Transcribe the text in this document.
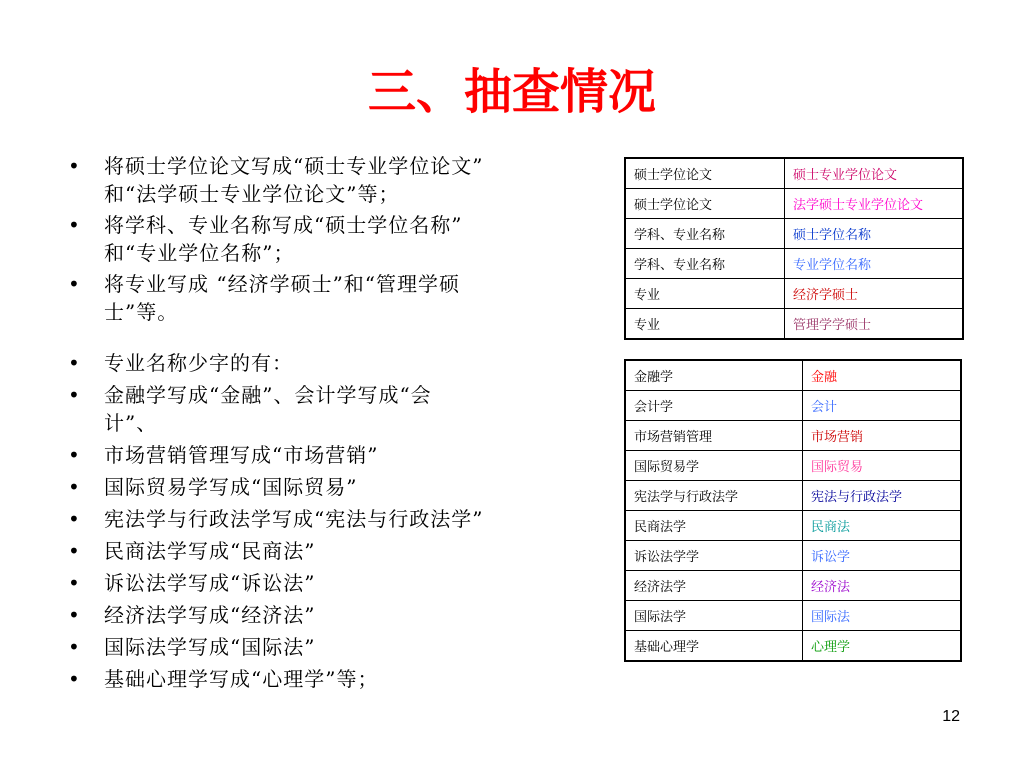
三、抽查情况
• 将硕士学位论文写成“硕士专业学位论文”
和“法学硕士专业学位论文”等；
• 将学科、专业名称写成“硕士学位名称”
和“专业学位名称”；
• 将专业写成 “经济学硕士”和“管理学硕
士”等。
• 专业名称少字的有：
• 金融学写成“金融”、会计学写成“会
计”、
• 市场营销管理写成“市场营销”
• 国际贸易学写成“国际贸易”
• 宪法学与行政法学写成“宪法与行政法学”
• 民商法学写成“民商法”
• 诉讼法学写成“诉讼法”
• 经济法学写成“经济法”
• 国际法学写成“国际法”
• 基础心理学写成“心理学”等；
硕士学位论文	硕士专业学位论文
硕士学位论文	法学硕士专业学位论文
学科、专业名称	硕士学位名称
学科、专业名称	专业学位名称
专业	经济学硕士
专业	管理学学硕士
金融学	金融
会计学	会计
市场营销管理	市场营销
国际贸易学	国际贸易
宪法学与行政法学	宪法与行政法学
民商法学	民商法
诉讼法学学	诉讼学
经济法学	经济法
国际法学	国际法
基础心理学	心理学
12
